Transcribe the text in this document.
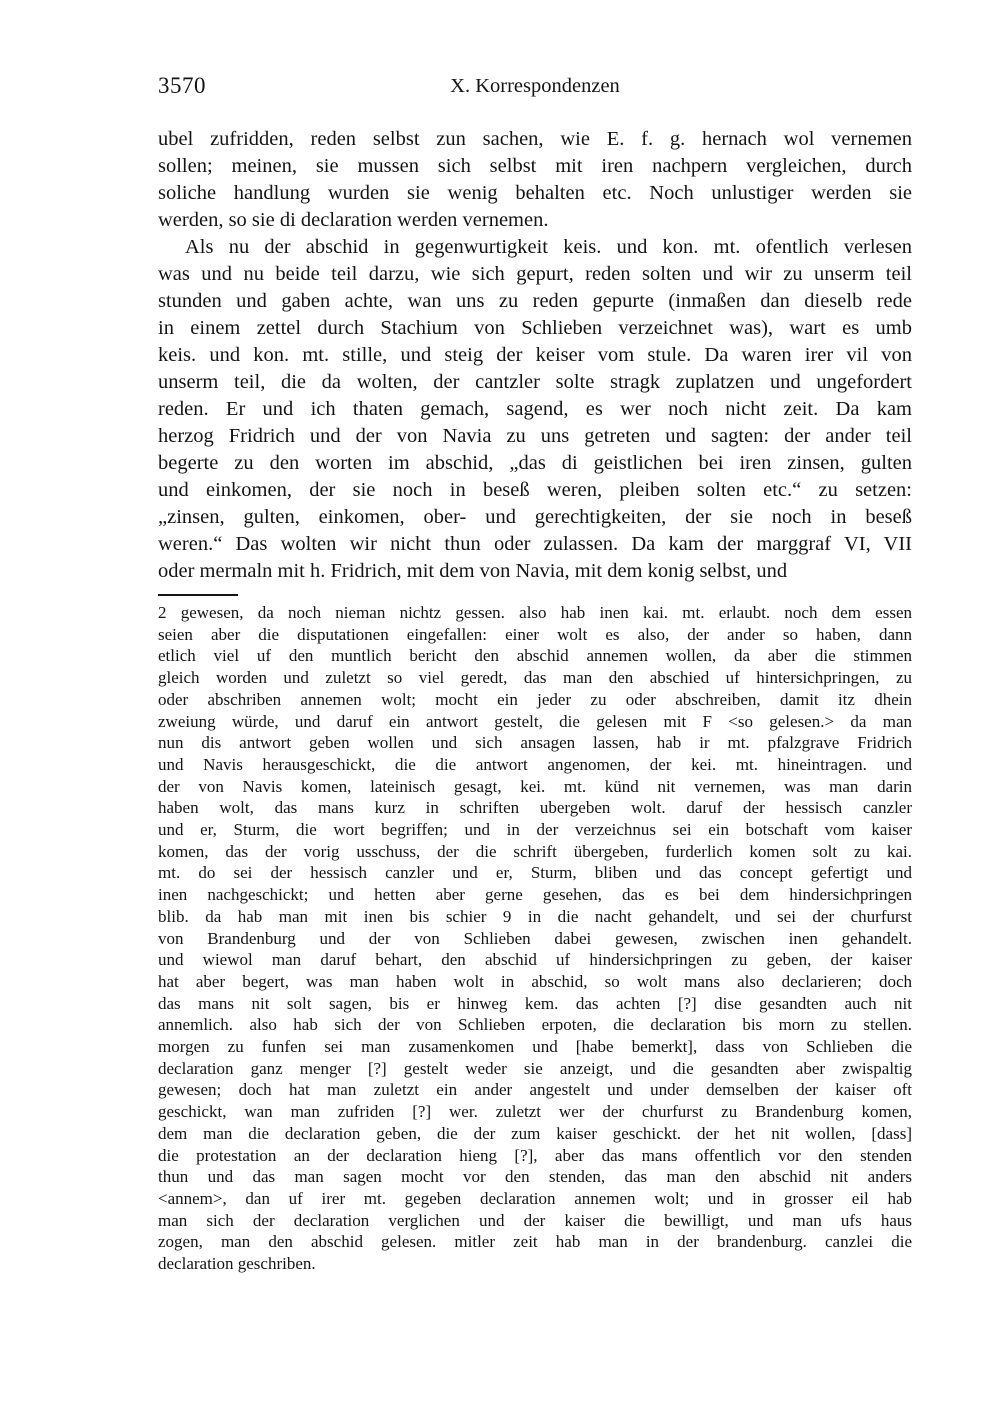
3570	X. Korrespondenzen
ubel zufridden, reden selbst zun sachen, wie E. f. g. hernach wol vernemen
sollen; meinen, sie mussen sich selbst mit iren nachpern vergleichen, durch
soliche handlung wurden sie wenig behalten etc. Noch unlustiger werden sie
werden, so sie di declaration werden vernemen.
Als nu der abschid in gegenwurtigkeit keis. und kon. mt. ofentlich verlesen
was und nu beide teil darzu, wie sich gepurt, reden solten und wir zu unserm teil
stunden und gaben achte, wan uns zu reden gepurte (inmaßen dan dieselb rede
in einem zettel durch Stachium von Schlieben verzeichnet was), wart es umb
keis. und kon. mt. stille, und steig der keiser vom stule. Da waren irer vil von
unserm teil, die da wolten, der cantzler solte stragk zuplatzen und ungefordert
reden. Er und ich thaten gemach, sagend, es wer noch nicht zeit. Da kam
herzog Fridrich und der von Navia zu uns getreten und sagten: der ander teil
begerte zu den worten im abschid, „das di geistlichen bei iren zinsen, gulten
und einkomen, der sie noch in beseß weren, pleiben solten etc.“ zu setzen:
„zinsen, gulten, einkomen, ober- und gerechtigkeiten, der sie noch in beseß
weren.“ Das wolten wir nicht thun oder zulassen. Da kam der marggraf VI, VII
oder mermaln mit h. Fridrich, mit dem von Navia, mit dem konig selbst, und
2 gewesen, da noch nieman nichtz gessen. also hab inen kai. mt. erlaubt. noch dem essen
seien aber die disputationen eingefallen: einer wolt es also, der ander so haben, dann
etlich viel uf den muntlich bericht den abschid annemen wollen, da aber die stimmen
gleich worden und zuletzt so viel geredt, das man den abschied uf hintersichpringen, zu
oder abschriben annemen wolt; mocht ein jeder zu oder abschreiben, damit itz dhein
zweiung würde, und daruf ein antwort gestelt, die gelesen mit F <so gelesen.> da man
nun dis antwort geben wollen und sich ansagen lassen, hab ir mt. pfalzgrave Fridrich
und Navis herausgeschickt, die die antwort angenomen, der kei. mt. hineintragen. und
der von Navis komen, lateinisch gesagt, kei. mt. künd nit vernemen, was man darin
haben wolt, das mans kurz in schriften ubergeben wolt. daruf der hessisch canzler
und er, Sturm, die wort begriffen; und in der verzeichnus sei ein botschaft vom kaiser
komen, das der vorig usschuss, der die schrift übergeben, furderlich komen solt zu kai.
mt. do sei der hessisch canzler und er, Sturm, bliben und das concept gefertigt und
inen nachgeschickt; und hetten aber gerne gesehen, das es bei dem hindersichpringen
blib. da hab man mit inen bis schier 9 in die nacht gehandelt, und sei der churfurst
von Brandenburg und der von Schlieben dabei gewesen, zwischen inen gehandelt.
und wiewol man daruf behart, den abschid uf hindersichpringen zu geben, der kaiser
hat aber begert, was man haben wolt in abschid, so wolt mans also declarieren; doch
das mans nit solt sagen, bis er hinweg kem. das achten [?] dise gesandten auch nit
annemlich. also hab sich der von Schlieben erpoten, die declaration bis morn zu stellen.
morgen zu funfen sei man zusamenkomen und [habe bemerkt], dass von Schlieben die
declaration ganz menger [?] gestelt weder sie anzeigt, und die gesandten aber zwispaltig
gewesen; doch hat man zuletzt ein ander angestelt und under demselben der kaiser oft
geschickt, wan man zufriden [?] wer. zuletzt wer der churfurst zu Brandenburg komen,
dem man die declaration geben, die der zum kaiser geschickt. der het nit wollen, [dass]
die protestation an der declaration hieng [?], aber das mans offentlich vor den stenden
thun und das man sagen mocht vor den stenden, das man den abschid nit anders
<annem>, dan uf irer mt. gegeben declaration annemen wolt; und in grosser eil hab
man sich der declaration verglichen und der kaiser die bewilligt, und man ufs haus
zogen, man den abschid gelesen. mitler zeit hab man in der brandenburg. canzlei die
declaration geschriben.
